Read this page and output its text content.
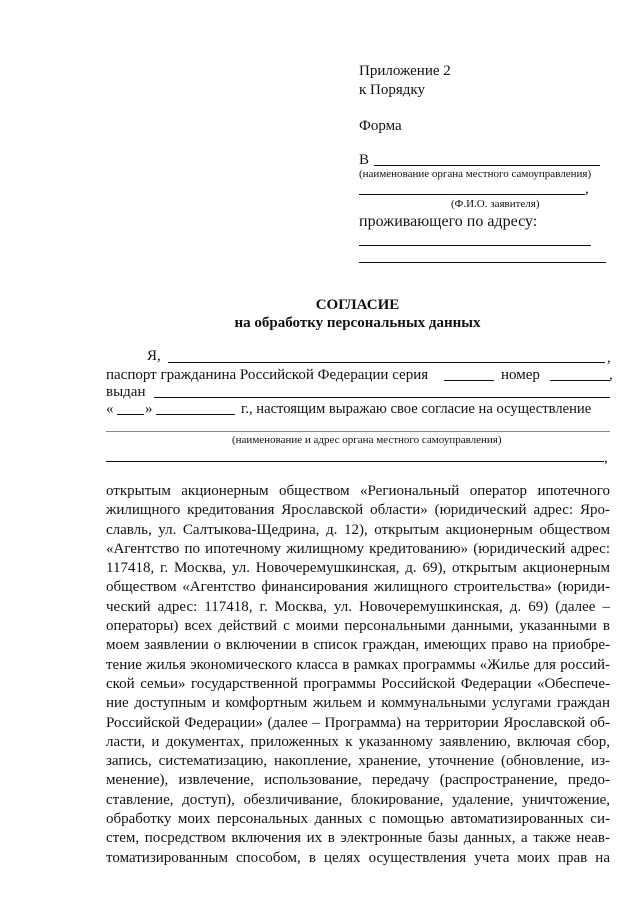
Приложение 2
к Порядку
Форма
В
(наименование органа местного самоуправления)
,
(Ф.И.О. заявителя)
проживающего по адресу:
СОГЛАСИЕ
на обработку персональных данных
Я,	,
паспорт гражданина Российской Федерации серия	номер	,
выдан
« »	г., настоящим выражаю свое согласие на осуществление
(наименование и адрес органа местного самоуправления)
,
открытым акционерным обществом «Региональный оператор ипотечного
жилищного кредитования Ярославской области» (юридический адрес: Яро-
славль, ул. Салтыкова-Щедрина, д. 12), открытым акционерным обществом
«Агентство по ипотечному жилищному кредитованию» (юридический адрес:
117418, г. Москва, ул. Новочеремушкинская, д. 69), открытым акционерным
обществом «Агентство финансирования жилищного строительства» (юриди-
ческий адрес: 117418, г. Москва, ул. Новочеремушкинская, д. 69) (далее –
операторы) всех действий с моими персональными данными, указанными в
моем заявлении о включении в список граждан, имеющих право на приобре-
тение жилья экономического класса в рамках программы «Жилье для россий-
ской семьи» государственной программы Российской Федерации «Обеспече-
ние доступным и комфортным жильем и коммунальными услугами граждан
Российской Федерации» (далее – Программа) на территории Ярославской об-
ласти, и документах, приложенных к указанному заявлению, включая сбор,
запись, систематизацию, накопление, хранение, уточнение (обновление, из-
менение), извлечение, использование, передачу (распространение, предо-
ставление, доступ), обезличивание, блокирование, удаление, уничтожение,
обработку моих персональных данных с помощью автоматизированных си-
стем, посредством включения их в электронные базы данных, а также неав-
томатизированным способом, в целях осуществления учета моих прав на
